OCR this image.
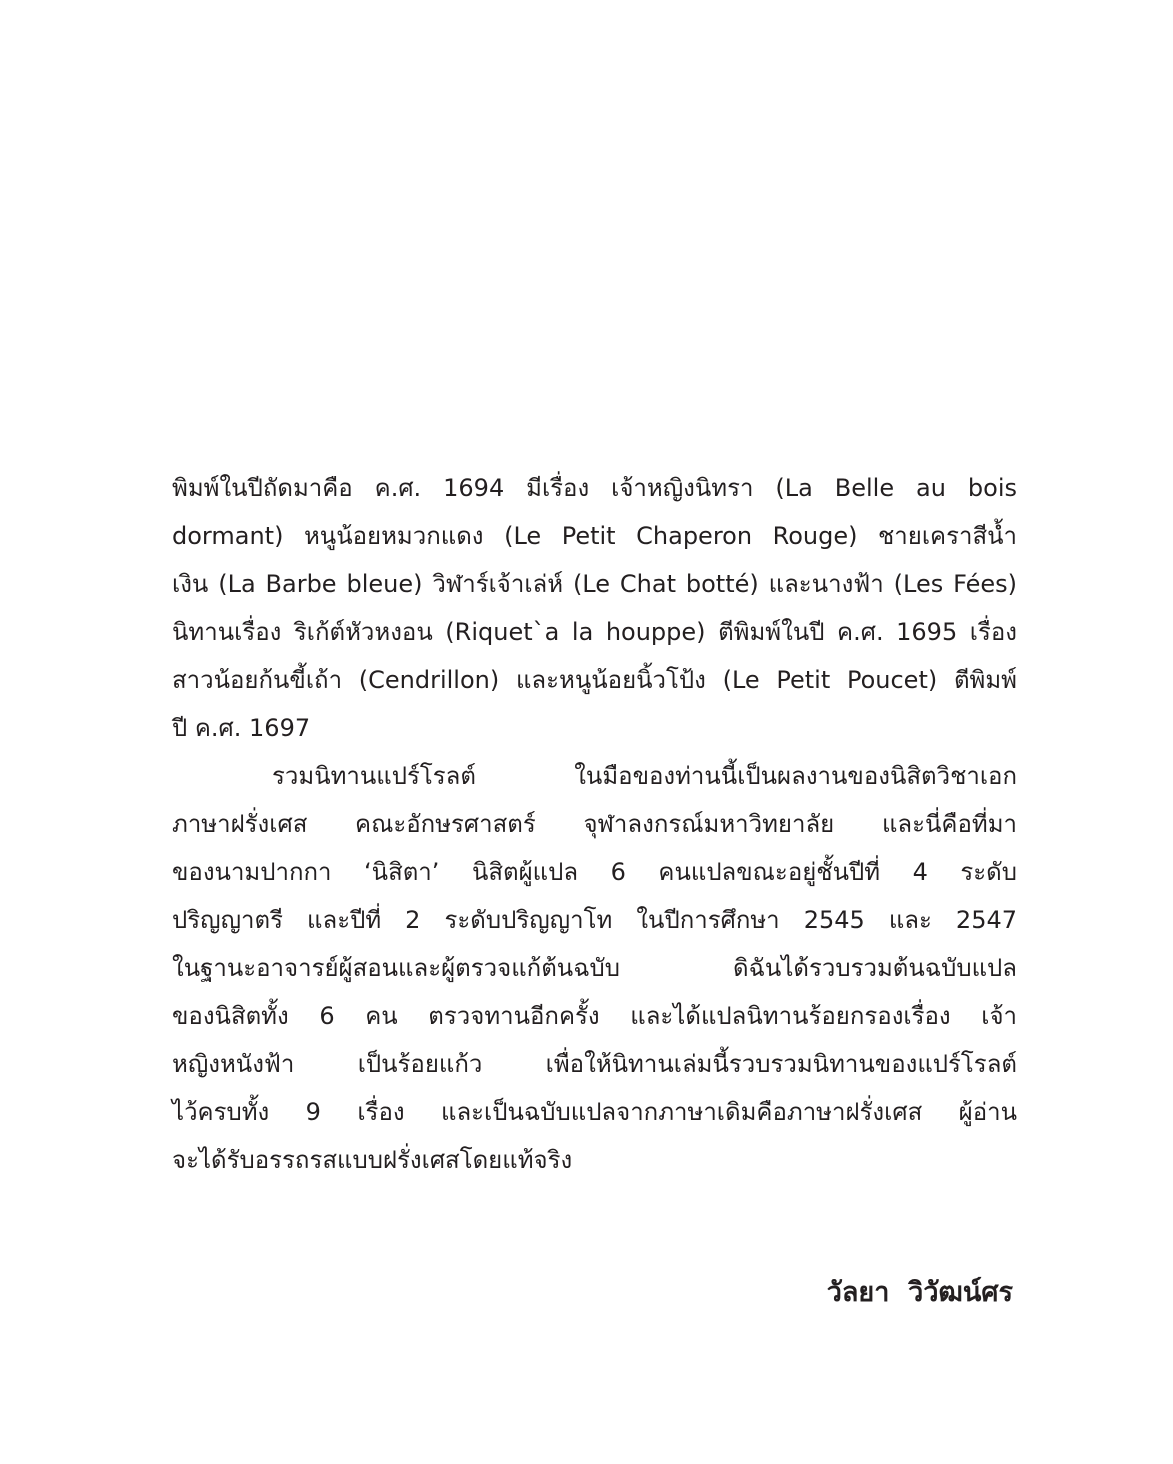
พิมพ์ในปีถัดมาคือ ค.ศ. 1694 มีเรื่อง เจ้าหญิงนิทรา (La Belle au bois
dormant) หนูน้อยหมวกแดง (Le Petit Chaperon Rouge) ชายเคราสีน้ำ
เงิน (La Barbe bleue) วิฬาร์เจ้าเล่ห์ (Le Chat botté) และนางฟ้า (Les Fées)
นิทานเรื่อง ริเก้ต์หัวหงอน (Riquet`a la houppe) ตีพิมพ์ในปี ค.ศ. 1695 เรื่อง
สาวน้อยก้นขี้เถ้า (Cendrillon) และหนูน้อยนิ้วโป้ง (Le Petit Poucet) ตีพิมพ์
ปี ค.ศ. 1697
รวมนิทานแปร์โรลต์ ในมือของท่านนี้เป็นผลงานของนิสิตวิชาเอก
ภาษาฝรั่งเศส คณะอักษรศาสตร์ จุฬาลงกรณ์มหาวิทยาลัย และนี่คือที่มา
ของนามปากกา ‘นิสิตา’ นิสิตผู้แปล 6 คนแปลขณะอยู่ชั้นปีที่ 4 ระดับ
ปริญญาตรี และปีที่ 2 ระดับปริญญาโท ในปีการศึกษา 2545 และ 2547
ในฐานะอาจารย์ผู้สอนและผู้ตรวจแก้ต้นฉบับ ดิฉันได้รวบรวมต้นฉบับแปล
ของนิสิตทั้ง 6 คน ตรวจทานอีกครั้ง และได้แปลนิทานร้อยกรองเรื่อง เจ้า
หญิงหนังฟ้า เป็นร้อยแก้ว เพื่อให้นิทานเล่มนี้รวบรวมนิทานของแปร์โรลต์
ไว้ครบทั้ง 9 เรื่อง และเป็นฉบับแปลจากภาษาเดิมคือภาษาฝรั่งเศส ผู้อ่าน
จะได้รับอรรถรสแบบฝรั่งเศสโดยแท้จริง
วัลยา  วิวัฒน์ศร
